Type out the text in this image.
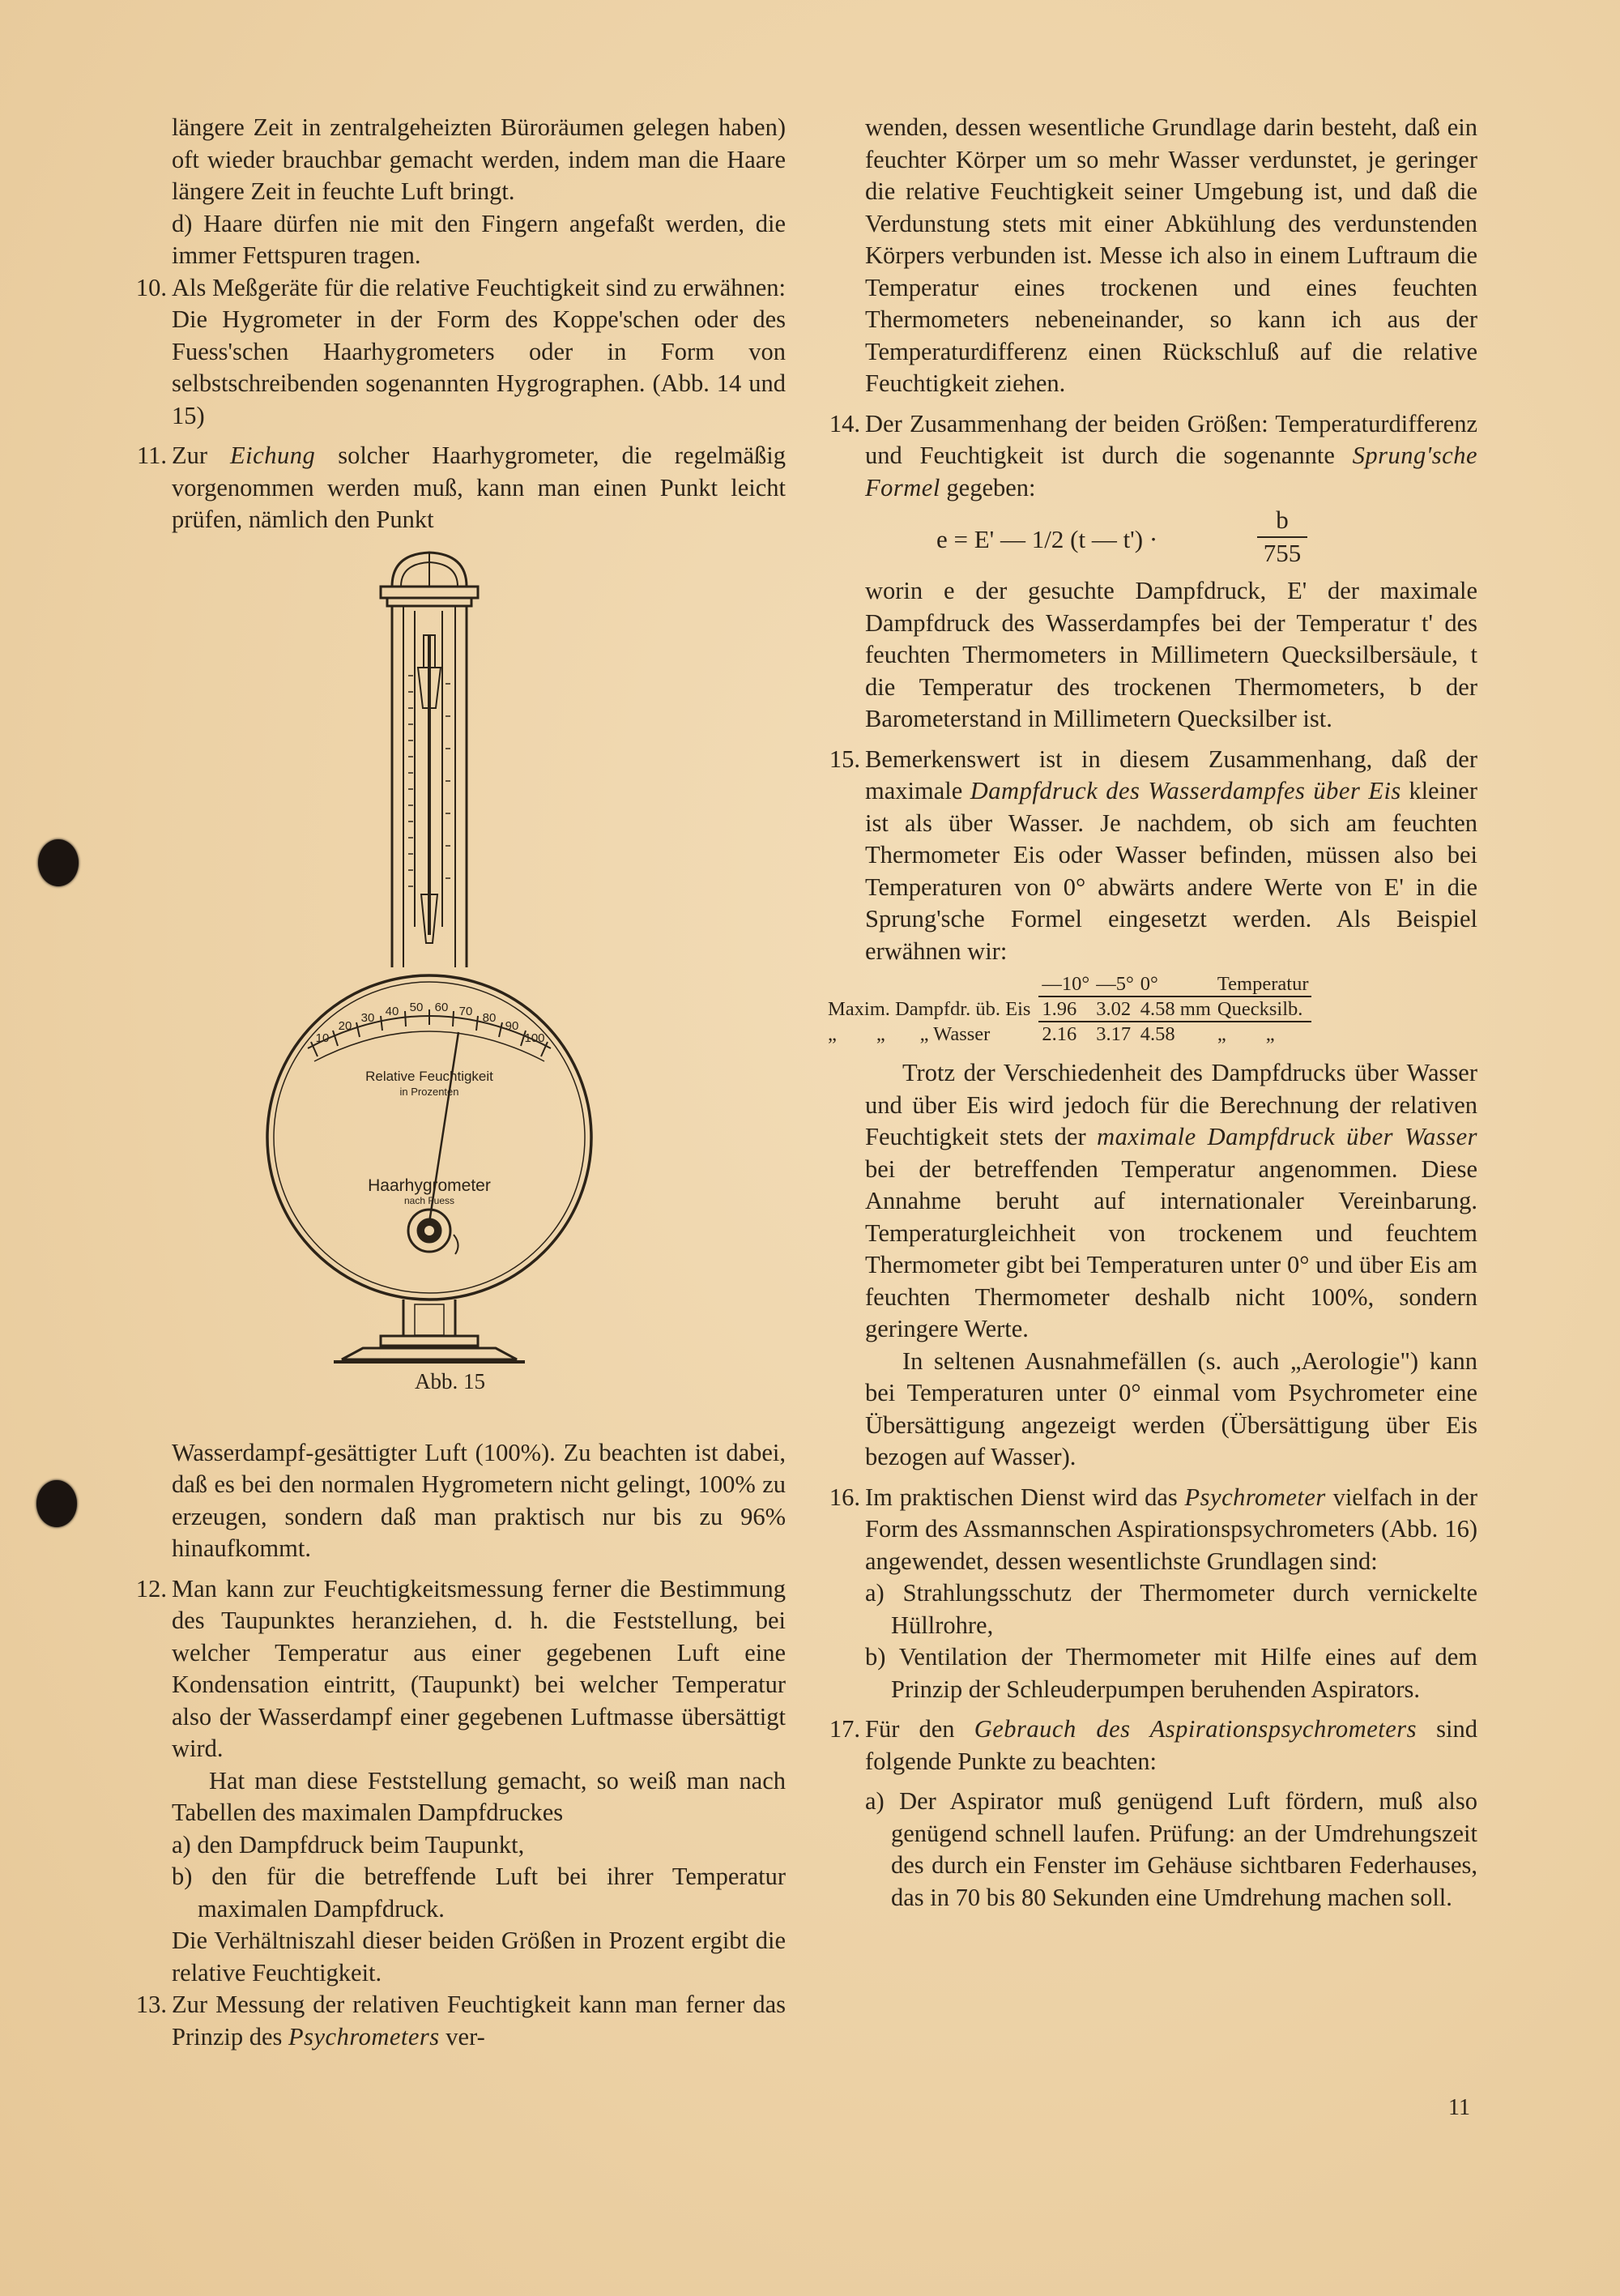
längere Zeit in zentralgeheizten Büroräumen gelegen haben) oft wieder brauchbar gemacht werden, indem man die Haare längere Zeit in feuchte Luft bringt.

d) Haare dürfen nie mit den Fingern angefaßt werden, die immer Fettspuren tragen.

10. Als Meßgeräte für die relative Feuchtigkeit sind zu erwähnen: Die Hygrometer in der Form des Koppe'schen oder des Fuess'schen Haarhygrometers oder in Form von selbstschreibenden sogenannten Hygrographen. (Abb. 14 und 15)

11. Zur Eichung solcher Haarhygrometer, die regelmäßig vorgenommen werden muß, kann man einen Punkt leicht prüfen, nämlich den Punkt

10
20
30 40 50 60 70 80
90
100
Relative Feuchtigkeit
in Prozenten
Haarhygrometer
nach Fuess
Abb. 15

Wasserdampf-gesättigter Luft (100%). Zu beachten ist dabei, daß es bei den normalen Hygrometern nicht gelingt, 100% zu erzeugen, sondern daß man praktisch nur bis zu 96% hinaufkommt.

12. Man kann zur Feuchtigkeitsmessung ferner die Bestimmung des Taupunktes heranziehen, d. h. die Feststellung, bei welcher Temperatur aus einer gegebenen Luft eine Kondensation eintritt, (Taupunkt) bei welcher Temperatur also der Wasserdampf einer gegebenen Luftmasse übersättigt wird.

Hat man diese Feststellung gemacht, so weiß man nach Tabellen des maximalen Dampfdruckes

a) den Dampfdruck beim Taupunkt,

b) den für die betreffende Luft bei ihrer Temperatur maximalen Dampfdruck.

Die Verhältniszahl dieser beiden Größen in Prozent ergibt die relative Feuchtigkeit.

13. Zur Messung der relativen Feuchtigkeit kann man ferner das Prinzip des Psychrometers ver-

wenden, dessen wesentliche Grundlage darin besteht, daß ein feuchter Körper um so mehr Wasser verdunstet, je geringer die relative Feuchtigkeit seiner Umgebung ist, und daß die Verdunstung stets mit einer Abkühlung des verdunstenden Körpers verbunden ist. Messe ich also in einem Luftraum die Temperatur eines trockenen und eines feuchten Thermometers nebeneinander, so kann ich aus der Temperaturdifferenz einen Rückschluß auf die relative Feuchtigkeit ziehen.

14. Der Zusammenhang der beiden Größen: Temperaturdifferenz und Feuchtigkeit ist durch die sogenannte Sprung'sche Formel gegeben:

e = E' — 1/2 (t — t') ·
b
755

worin e der gesuchte Dampfdruck, E' der maximale Dampfdruck des Wasserdampfes bei der Temperatur t' des feuchten Thermometers in Millimetern Quecksilbersäule, t die Temperatur des trockenen Thermometers, b der Barometerstand in Millimetern Quecksilber ist.

15. Bemerkenswert ist in diesem Zusammenhang, daß der maximale Dampfdruck des Wasserdampfes über Eis kleiner ist als über Wasser. Je nachdem, ob sich am feuchten Thermometer Eis oder Wasser befinden, müssen also bei Temperaturen von 0° abwärts andere Werte von E' in die Sprung'sche Formel eingesetzt werden. Als Beispiel erwähnen wir:

	—10°	—5°	0°	Temperatur
Maxim. Dampfdr. üb. Eis	1.96	3.02	4.58 mm	Quecksilb.
„        „       „ Wasser	2.16	3.17	4.58	„        „

Trotz der Verschiedenheit des Dampfdrucks über Wasser und über Eis wird jedoch für die Berechnung der relativen Feuchtigkeit stets der maximale Dampfdruck über Wasser bei der betreffenden Temperatur angenommen. Diese Annahme beruht auf internationaler Vereinbarung. Temperaturgleichheit von trockenem und feuchtem Thermometer gibt bei Temperaturen unter 0° und über Eis am feuchten Thermometer deshalb nicht 100%, sondern geringere Werte.

In seltenen Ausnahmefällen (s. auch „Aerologie") kann bei Temperaturen unter 0° einmal vom Psychrometer eine Übersättigung angezeigt werden (Übersättigung über Eis bezogen auf Wasser).

16. Im praktischen Dienst wird das Psychrometer vielfach in der Form des Assmannschen Aspirationspsychrometers (Abb. 16) angewendet, dessen wesentlichste Grundlagen sind:

a) Strahlungsschutz der Thermometer durch vernickelte Hüllrohre,

b) Ventilation der Thermometer mit Hilfe eines auf dem Prinzip der Schleuderpumpen beruhenden Aspirators.

17. Für den Gebrauch des Aspirationspsychrometers sind folgende Punkte zu beachten:

a) Der Aspirator muß genügend Luft fördern, muß also genügend schnell laufen. Prüfung: an der Umdrehungszeit des durch ein Fenster im Gehäuse sichtbaren Federhauses, das in 70 bis 80 Sekunden eine Umdrehung machen soll.

11
